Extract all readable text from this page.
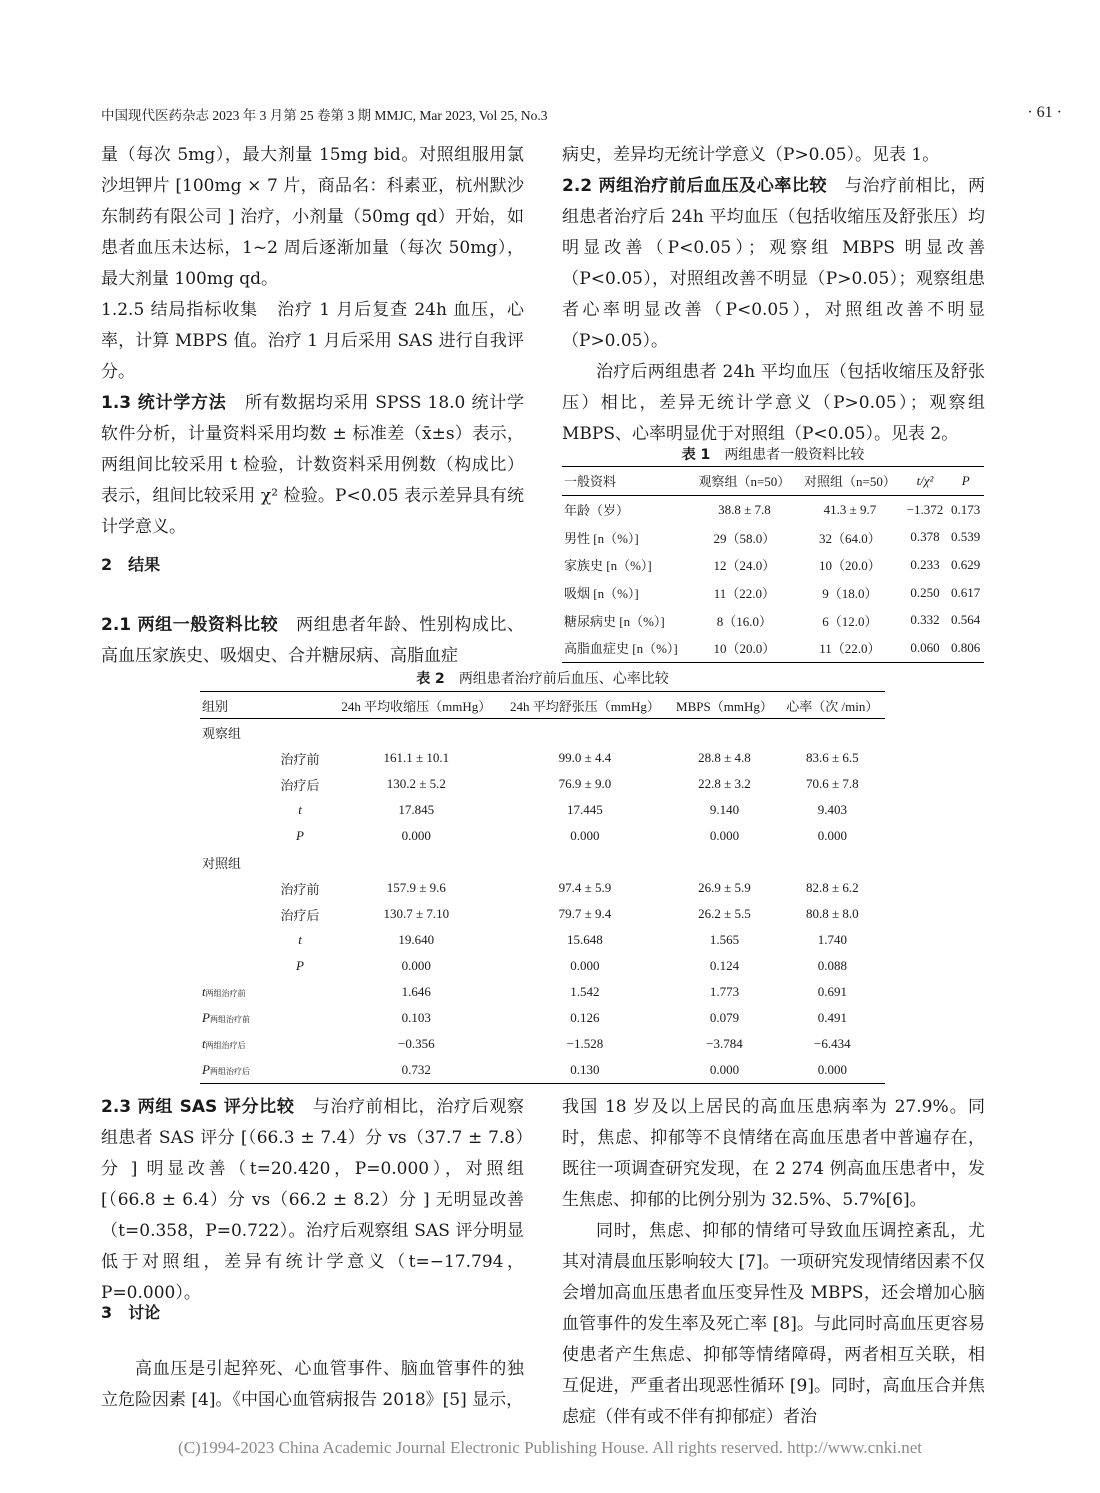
中国现代医药杂志 2023 年 3 月第 25 卷第 3 期 MMJC, Mar 2023, Vol 25, No.3	· 61 ·

量（每次 5mg），最大剂量 15mg bid。对照组服用氯沙坦钾片 [100mg × 7 片，商品名：科素亚，杭州默沙东制药有限公司 ] 治疗，小剂量（50mg qd）开始，如患者血压未达标，1~2 周后逐渐加量（每次 50mg），最大剂量 100mg qd。

1.2.5 结局指标收集 治疗 1 月后复查 24h 血压，心率，计算 MBPS 值。治疗 1 月后采用 SAS 进行自我评分。

1.3 统计学方法 所有数据均采用 SPSS 18.0 统计学软件分析，计量资料采用均数 ± 标准差（x̄±s）表示，两组间比较采用 t 检验，计数资料采用例数（构成比）表示，组间比较采用 χ² 检验。P<0.05 表示差异具有统计学意义。

2　结果

2.1 两组一般资料比较 两组患者年龄、性别构成比、高血压家族史、吸烟史、合并糖尿病、高脂血症

病史，差异均无统计学意义（P>0.05）。见表 1。

2.2 两组治疗前后血压及心率比较 与治疗前相比，两组患者治疗后 24h 平均血压（包括收缩压及舒张压）均明显改善（P<0.05）；观察组 MBPS 明显改善（P<0.05），对照组改善不明显（P>0.05）；观察组患者心率明显改善（P<0.05），对照组改善不明显（P>0.05）。

治疗后两组患者 24h 平均血压（包括收缩压及舒张压）相比，差异无统计学意义（P>0.05）；观察组 MBPS、心率明显优于对照组（P<0.05）。见表 2。

表 1 两组患者一般资料比较
一般资料	观察组（n=50）	对照组（n=50）	t/χ²	P
年龄（岁）	38.8 ± 7.8	41.3 ± 9.7	−1.372	0.173
男性 [n（%）]	29（58.0）	32（64.0）	0.378	0.539
家族史 [n（%）]	12（24.0）	10（20.0）	0.233	0.629
吸烟 [n（%）]	11（22.0）	9（18.0）	0.250	0.617
糖尿病史 [n（%）]	8（16.0）	6（12.0）	0.332	0.564
高脂血症史 [n（%）]	10（20.0）	11（22.0）	0.060	0.806
表 2 两组患者治疗前后血压、心率比较
组别		24h 平均收缩压（mmHg）	24h 平均舒张压（mmHg）	MBPS（mmHg）	心率（次 /min）
观察组					
	治疗前	161.1 ± 10.1	99.0 ± 4.4	28.8 ± 4.8	83.6 ± 6.5
	治疗后	130.2 ± 5.2	76.9 ± 9.0	22.8 ± 3.2	70.6 ± 7.8
	t	17.845	17.445	9.140	9.403
	P	0.000	0.000	0.000	0.000
对照组					
	治疗前	157.9 ± 9.6	97.4 ± 5.9	26.9 ± 5.9	82.8 ± 6.2
	治疗后	130.7 ± 7.10	79.7 ± 9.4	26.2 ± 5.5	80.8 ± 8.0
	t	19.640	15.648	1.565	1.740
	P	0.000	0.000	0.124	0.088
t两组治疗前		1.646	1.542	1.773	0.691
P两组治疗前		0.103	0.126	0.079	0.491
t两组治疗后		−0.356	−1.528	−3.784	−6.434
P两组治疗后		0.732	0.130	0.000	0.000

2.3 两组 SAS 评分比较 与治疗前相比，治疗后观察组患者 SAS 评分 [（66.3 ± 7.4）分 vs（37.7 ± 7.8）分 ] 明显改善（t=20.420，P=0.000），对照组 [（66.8 ± 6.4）分 vs（66.2 ± 8.2）分 ] 无明显改善（t=0.358，P=0.722）。治疗后观察组 SAS 评分明显低于对照组，差异有统计学意义（t=−17.794，P=0.000）。

3　讨论

高血压是引起猝死、心血管事件、脑血管事件的独立危险因素 [4]。《中国心血管病报告 2018》[5] 显示，

我国 18 岁及以上居民的高血压患病率为 27.9%。同时，焦虑、抑郁等不良情绪在高血压患者中普遍存在，既往一项调查研究发现，在 2 274 例高血压患者中，发生焦虑、抑郁的比例分别为 32.5%、5.7%[6]。

同时，焦虑、抑郁的情绪可导致血压调控紊乱，尤其对清晨血压影响较大 [7]。一项研究发现情绪因素不仅会增加高血压患者血压变异性及 MBPS，还会增加心脑血管事件的发生率及死亡率 [8]。与此同时高血压更容易使患者产生焦虑、抑郁等情绪障碍，两者相互关联，相互促进，严重者出现恶性循环 [9]。同时，高血压合并焦虑症（伴有或不伴有抑郁症）者治

(C)1994-2023 China Academic Journal Electronic Publishing House. All rights reserved. http://www.cnki.net
